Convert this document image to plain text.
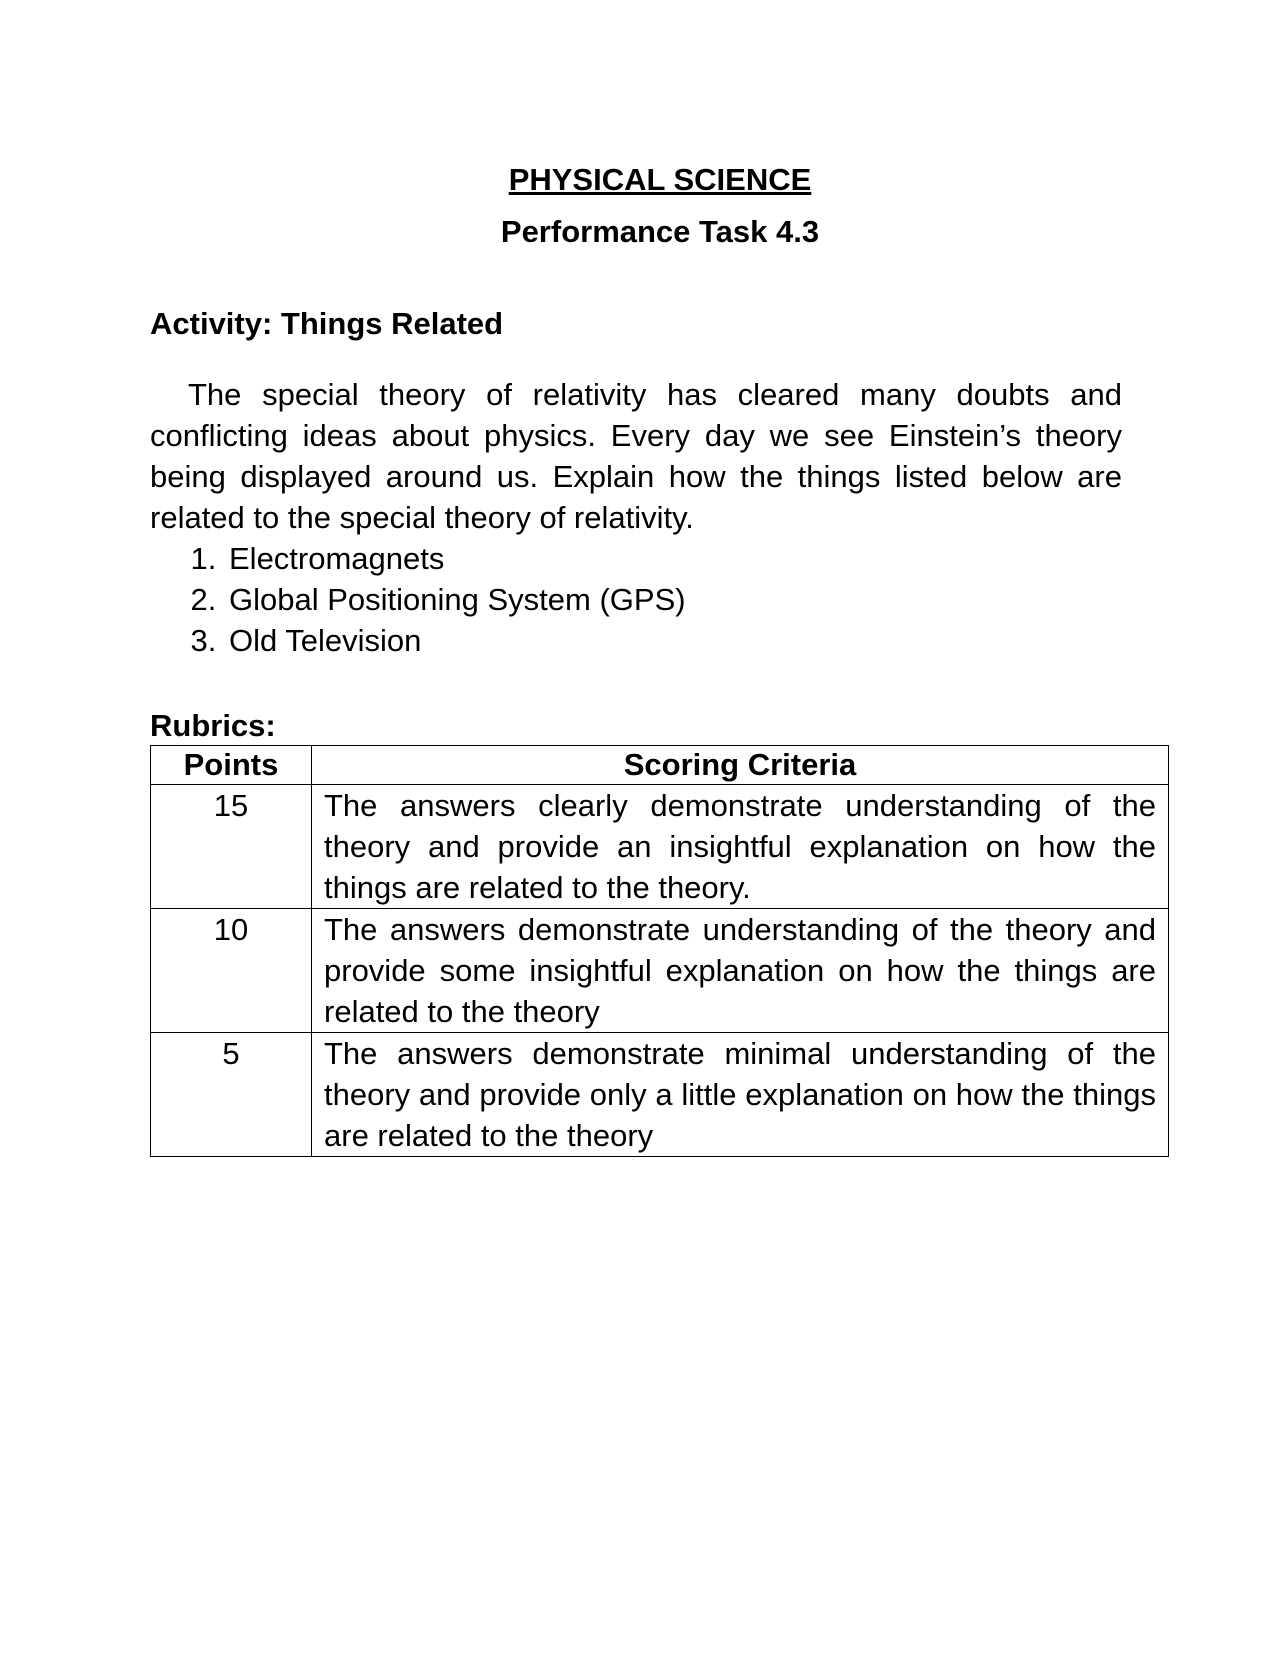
PHYSICAL SCIENCE
Performance Task 4.3
Activity: Things Related

The special theory of relativity has cleared many doubts and conflicting ideas about physics. Every day we see Einstein’s theory being displayed around us. Explain how the things listed below are related to the special theory of relativity.

1. Electromagnets
2. Global Positioning System (GPS)
3. Old Television
Rubrics:
Points	Scoring Criteria
15	The answers clearly demonstrate understanding of the theory and provide an insightful explanation on how the things are related to the theory.
10	The answers demonstrate understanding of the theory and provide some insightful explanation on how the things are related to the theory
5	The answers demonstrate minimal understanding of the theory and provide only a little explanation on how the things are related to the theory
